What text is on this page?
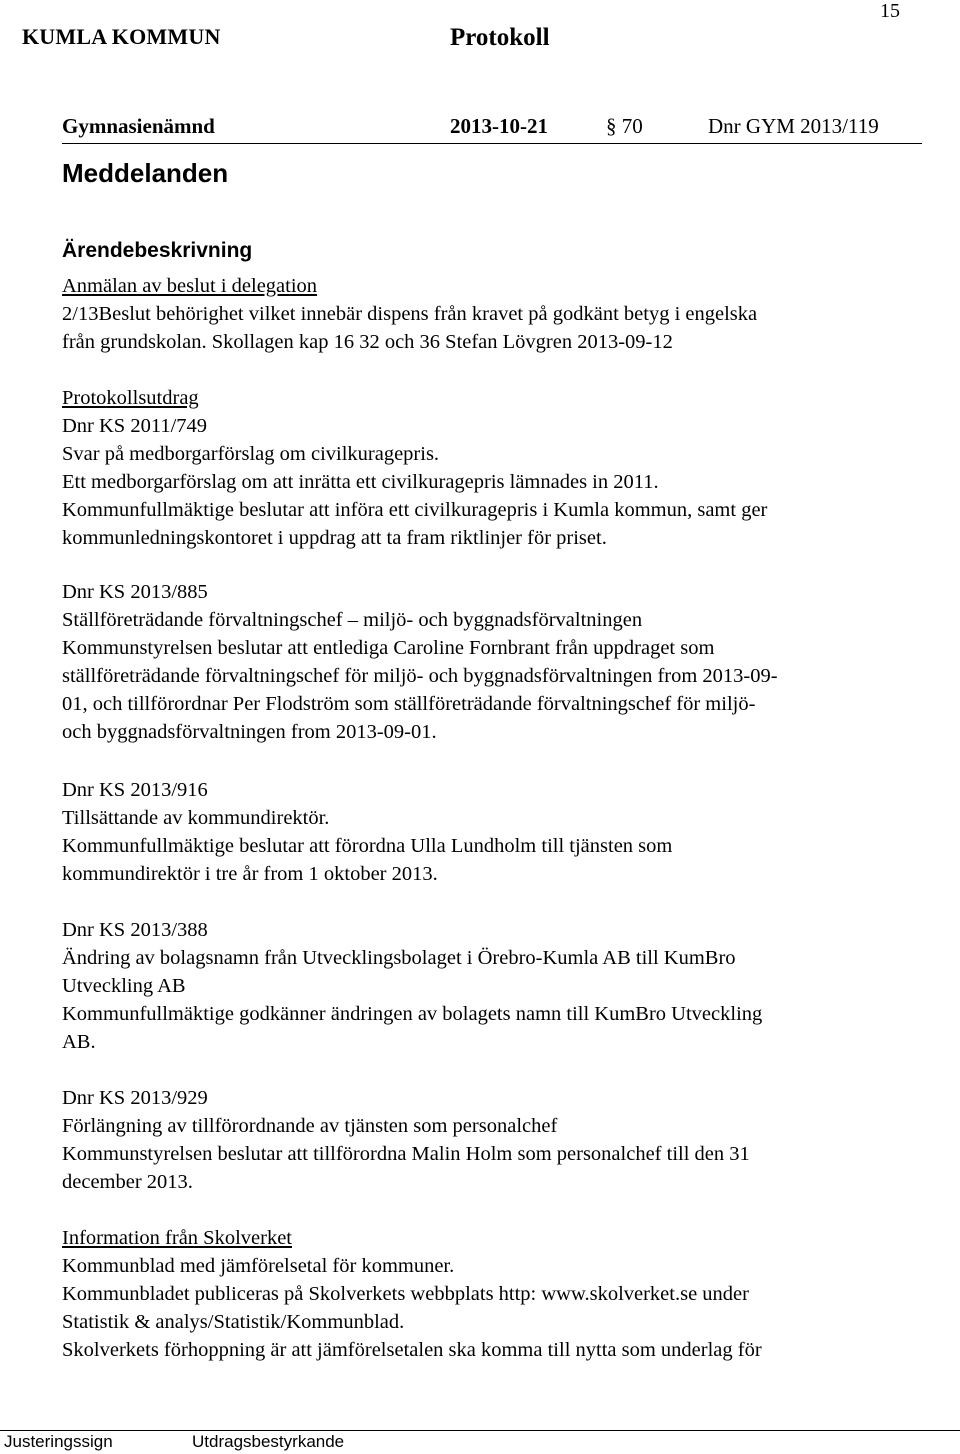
15
KUMLA KOMMUN	Protokoll
Gymnasienämnd	2013-10-21	§ 70	Dnr GYM 2013/119
Meddelanden
Ärendebeskrivning
Anmälan av beslut i delegation
2/13Beslut behörighet vilket innebär dispens från kravet på godkänt betyg i engelska
från grundskolan. Skollagen kap 16 32 och 36 Stefan Lövgren 2013-09-12
Protokollsutdrag
Dnr KS 2011/749
Svar på medborgarförslag om civilkuragepris.
Ett medborgarförslag om att inrätta ett civilkuragepris lämnades in 2011.
Kommunfullmäktige beslutar att införa ett civilkuragepris i Kumla kommun, samt ger
kommunledningskontoret i uppdrag att ta fram riktlinjer för priset.
Dnr KS 2013/885
Ställföreträdande förvaltningschef – miljö- och byggnadsförvaltningen
Kommunstyrelsen beslutar att entlediga Caroline Fornbrant från uppdraget som
ställföreträdande förvaltningschef för miljö- och byggnadsförvaltningen from 2013-09-
01, och tillförordnar Per Flodström som ställföreträdande förvaltningschef för miljö-
och byggnadsförvaltningen from 2013-09-01.
Dnr KS 2013/916
Tillsättande av kommundirektör.
Kommunfullmäktige beslutar att förordna Ulla Lundholm till tjänsten som
kommundirektör i tre år from 1 oktober 2013.
Dnr KS 2013/388
Ändring av bolagsnamn från Utvecklingsbolaget i Örebro-Kumla AB till KumBro
Utveckling AB
Kommunfullmäktige godkänner ändringen av bolagets namn till KumBro Utveckling
AB.
Dnr KS 2013/929
Förlängning av tillförordnande av tjänsten som personalchef
Kommunstyrelsen beslutar att tillförordna Malin Holm som personalchef till den 31
december 2013.
Information från Skolverket
Kommunblad med jämförelsetal för kommuner.
Kommunbladet publiceras på Skolverkets webbplats http: www.skolverket.se under
Statistik & analys/Statistik/Kommunblad.
Skolverkets förhoppning är att jämförelsetalen ska komma till nytta som underlag för
Justeringssign	Utdragsbestyrkande
